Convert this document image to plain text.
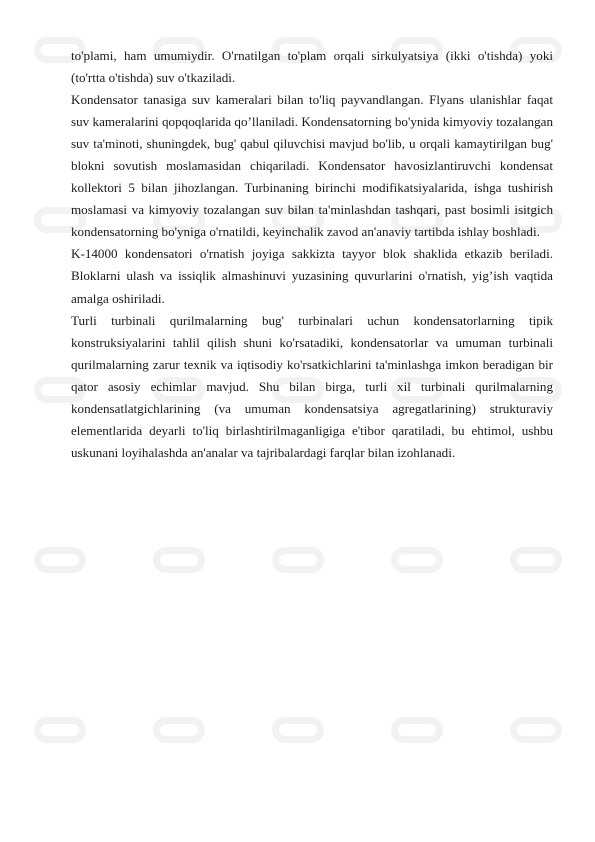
to'plami, ham umumiydir. O'rnatilgan to'plam orqali sirkulyatsiya (ikki o'tishda) yoki (to'rtta o'tishda) suv o'tkaziladi.

Kondensator tanasiga suv kameralari bilan to'liq payvandlangan. Flyans ulanishlar faqat suv kameralarini qopqoqlarida qo’llaniladi. Kondensatorning bo'ynida kimyoviy tozalangan suv ta'minoti, shuningdek, bug' qabul qiluvchisi mavjud bo'lib, u orqali kamaytirilgan bug' blokni sovutish moslamasidan chiqariladi. Kondensator havosizlantiruvchi kondensat kollektori 5 bilan jihozlangan. Turbinaning birinchi modifikatsiyalarida, ishga tushirish moslamasi va kimyoviy tozalangan suv bilan ta'minlashdan tashqari, past bosimli isitgich kondensatorning bo'yniga o'rnatildi, keyinchalik zavod an'anaviy tartibda ishlay boshladi.

K-14000 kondensatori o'rnatish joyiga sakkizta tayyor blok shaklida etkazib beriladi. Bloklarni ulash va issiqlik almashinuvi yuzasining quvurlarini o'rnatish, yig’ish vaqtida amalga oshiriladi.

Turli turbinali qurilmalarning bug' turbinalari uchun kondensatorlarning tipik konstruksiyalarini tahlil qilish shuni ko'rsatadiki, kondensatorlar va umuman turbinali qurilmalarning zarur texnik va iqtisodiy ko'rsatkichlarini ta'minlashga imkon beradigan bir qator asosiy echimlar mavjud. Shu bilan birga, turli xil turbinali qurilmalarning kondensatlatgichlarining (va umuman kondensatsiya agregatlarining) strukturaviy elementlarida deyarli to'liq birlashtirilmaganligiga e'tibor qaratiladi, bu ehtimol, ushbu uskunani loyihalashda an'analar va tajribalardagi farqlar bilan izohlanadi.
